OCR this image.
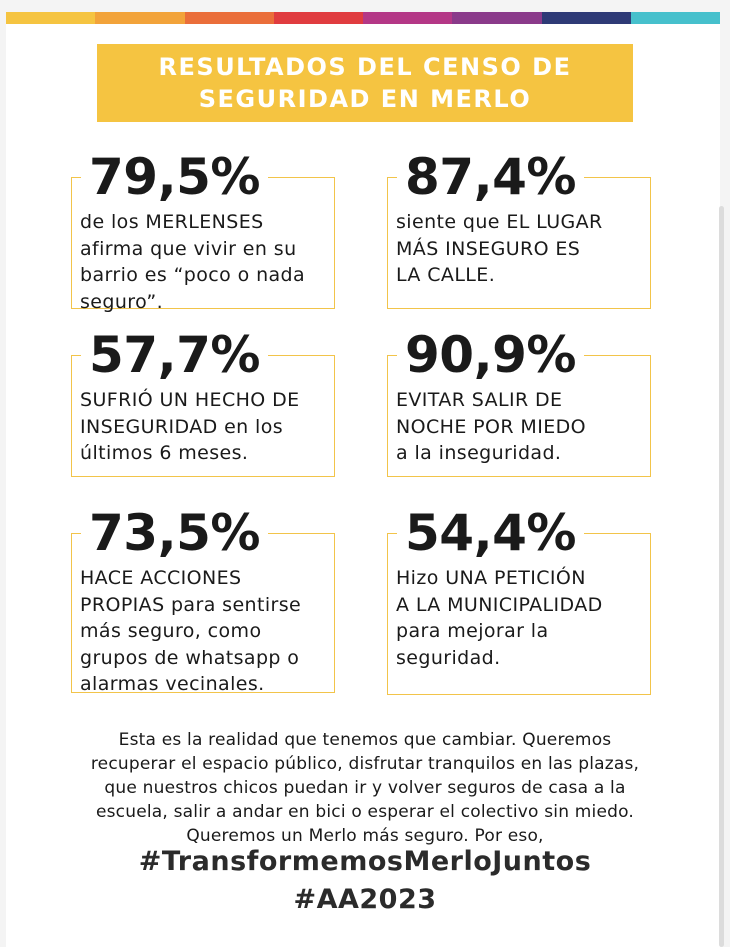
RESULTADOS DEL CENSO DE
SEGURIDAD EN MERLO
79,5%
de los MERLENSES
afirma que vivir en su
barrio es “poco o nada
seguro”.
87,4%
siente que EL LUGAR
MÁS INSEGURO ES
LA CALLE.
57,7%
SUFRIÓ UN HECHO DE
INSEGURIDAD en los
últimos 6 meses.
90,9%
EVITAR SALIR DE
NOCHE POR MIEDO
a la inseguridad.
73,5%
HACE ACCIONES
PROPIAS para sentirse
más seguro, como
grupos de whatsapp o
alarmas vecinales.
54,4%
Hizo UNA PETICIÓN
A LA MUNICIPALIDAD
para mejorar la
seguridad.
Esta es la realidad que tenemos que cambiar. Queremos
recuperar el espacio público, disfrutar tranquilos en las plazas,
que nuestros chicos puedan ir y volver seguros de casa a la
escuela, salir a andar en bici o esperar el colectivo sin miedo.
Queremos un Merlo más seguro. Por eso,
#TransformemosMerloJuntos
#AA2023
